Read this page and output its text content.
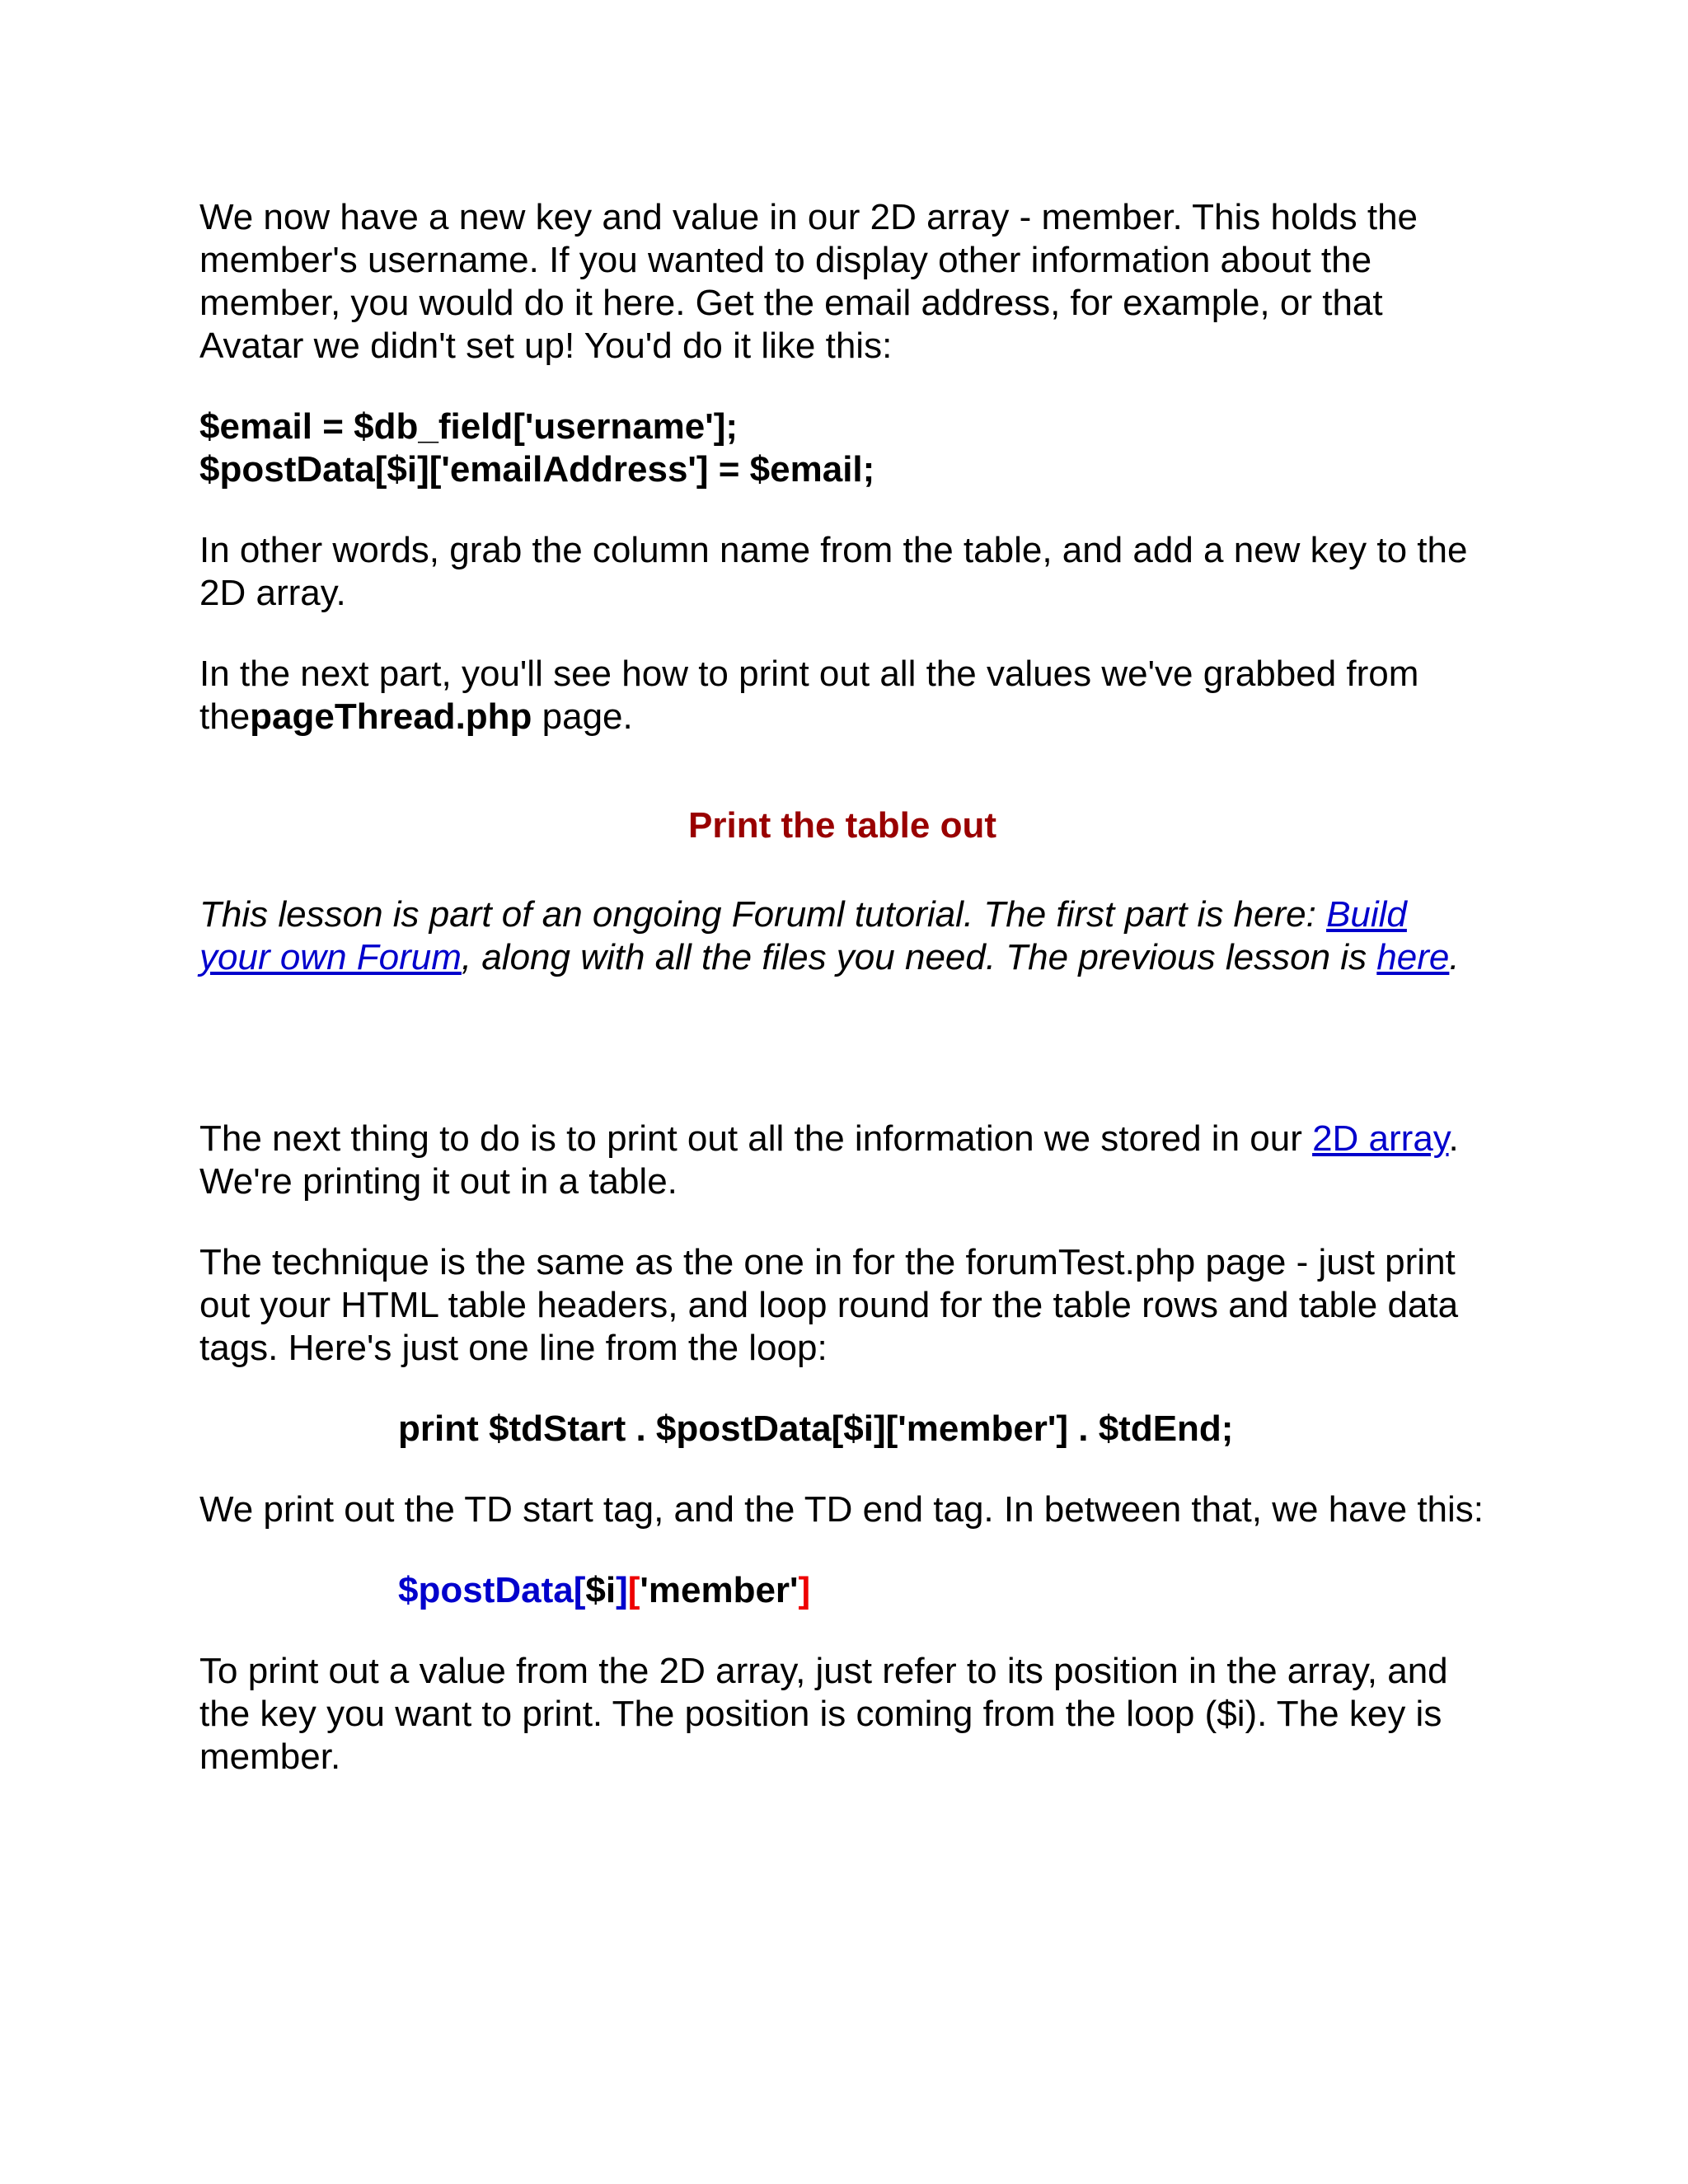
We now have a new key and value in our 2D array - member. This holds the member's username. If you wanted to display other information about the member, you would do it here. Get the email address, for example, or that Avatar we didn't set up! You'd do it like this:

$email = $db_field['username'];

$postData[$i]['emailAddress'] = $email;

In other words, grab the column name from the table, and add a new key to the 2D array.

In the next part, you'll see how to print out all the values we've grabbed from thepageThread.php page.

Print the table out

This lesson is part of an ongoing Foruml tutorial. The first part is here: Build your own Forum, along with all the files you need. The previous lesson is here.

The next thing to do is to print out all the information we stored in our 2D array. We're printing it out in a table.

The technique is the same as the one in for the forumTest.php page - just print out your HTML table headers, and loop round for the table rows and table data tags. Here's just one line from the loop:

print $tdStart . $postData[$i]['member'] . $tdEnd;

We print out the TD start tag, and the TD end tag. In between that, we have this:

$postData[$i]['member']

To print out a value from the 2D array, just refer to its position in the array, and the key you want to print. The position is coming from the loop ($i). The key is member.
